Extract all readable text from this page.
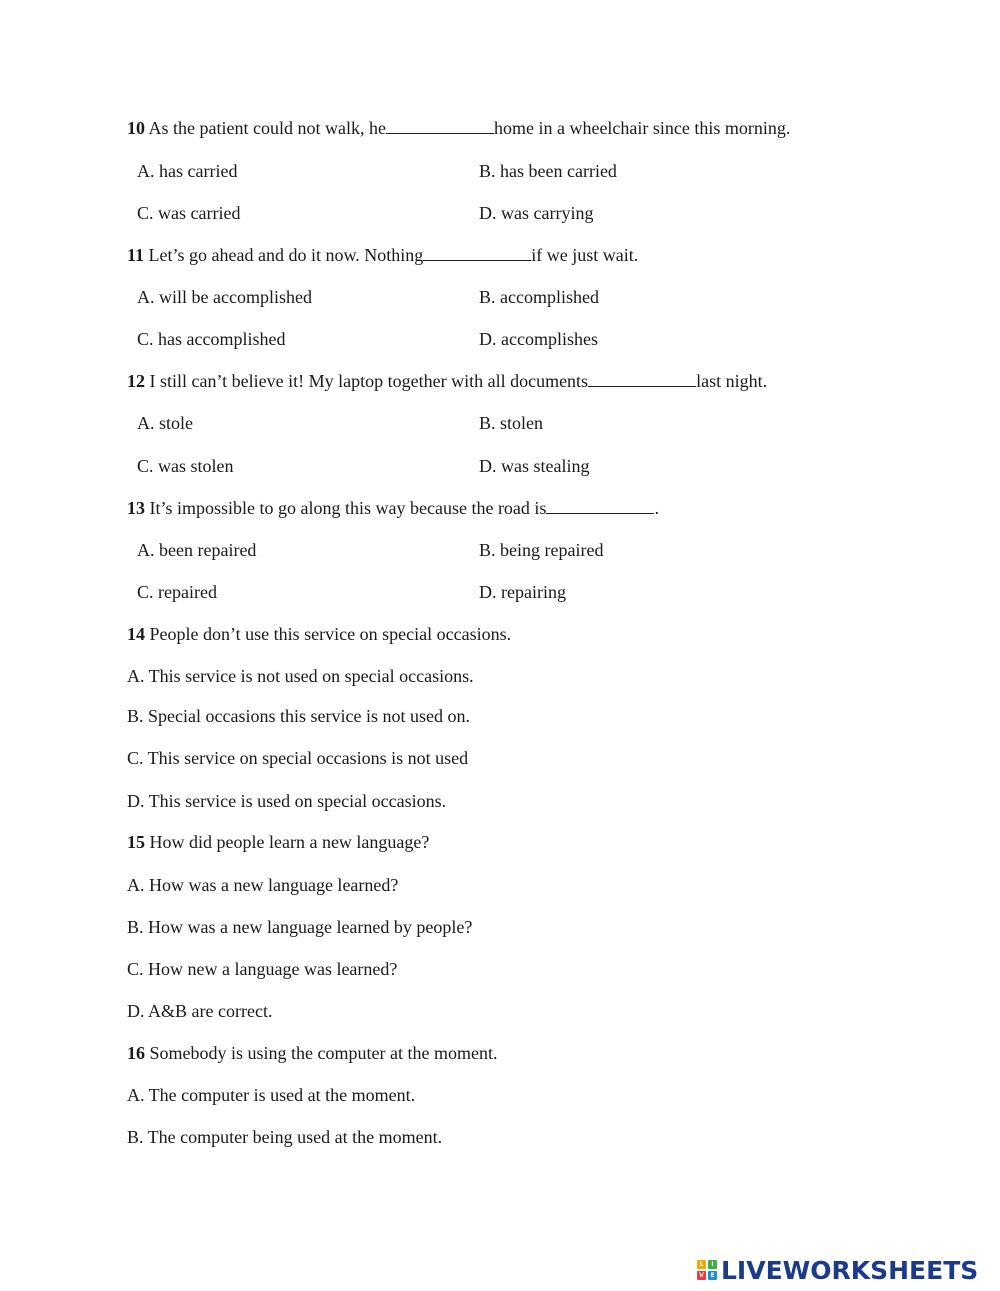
10 As the patient could not walk, he	home in a wheelchair since this morning.
A. has carried	B. has been carried
C. was carried	D. was carrying
11 Let’s go ahead and do it now. Nothing	if we just wait.
A. will be accomplished	B. accomplished
C. has accomplished	D. accomplishes
12 I still can’t believe it! My laptop together with all documents	last night.
A. stole	B. stolen
C. was stolen	D. was stealing
13 It’s impossible to go along this way because the road is	.
A. been repaired	B. being repaired
C. repaired	D. repairing
14 People don’t use this service on special occasions.
A. This service is not used on special occasions.
B. Special occasions this service is not used on.
C. This service on special occasions is not used
D. This service is used on special occasions.
15 How did people learn a new language?
A. How was a new language learned?
B. How was a new language learned by people?
C. How new a language was learned?
D. A&B are correct.
16 Somebody is using the computer at the moment.
A. The computer is used at the moment.
B. The computer being used at the moment.
L	I
V	E LIVEWORKSHEETS
